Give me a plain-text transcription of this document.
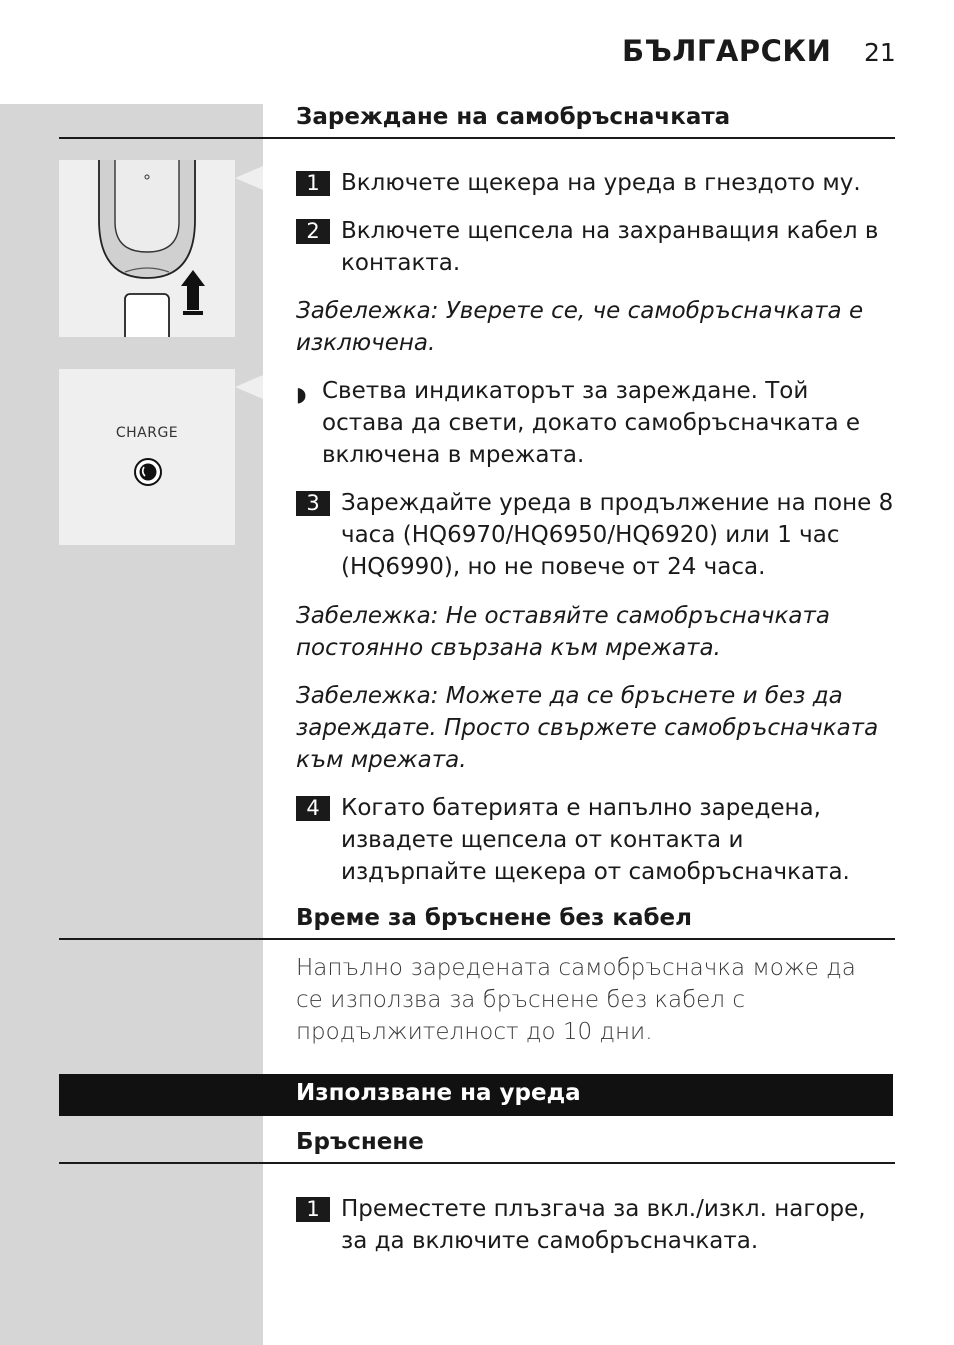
БЪЛГАРСКИ 21
Зареждане на самобръсначката
CHARGE
1 Включете щекера на уреда в гнездото му.
2 Включете щепсела на захранващия кабел в контакта.
Забележка: Уверете се, че самобръсначката е изключена.
◗ Светва индикаторът за зареждане. Той остава да свети, докато самобръсначката е включена в мрежата.
3 Зареждайте уреда в продължение на поне 8 часа (HQ6970/HQ6950/HQ6920) или 1 час (HQ6990), но не повече от 24 часа.
Забележка: Не оставяйте самобръсначката постоянно свързана към мрежата.
Забележка: Можете да се бръснете и без да зареждате. Просто свържете самобръсначката към мрежата.
4 Когато батерията е напълно заредена, извадете щепсела от контакта и издърпайте щекера от самобръсначката.
Време за бръснене без кабел
Напълно заредената самобръсначка може да се използва за бръснене без кабел с продължителност до 10 дни.
Използване на уреда
Бръснене
1 Преместете плъзгача за вкл./изкл. нагоре, за да включите самобръсначката.
